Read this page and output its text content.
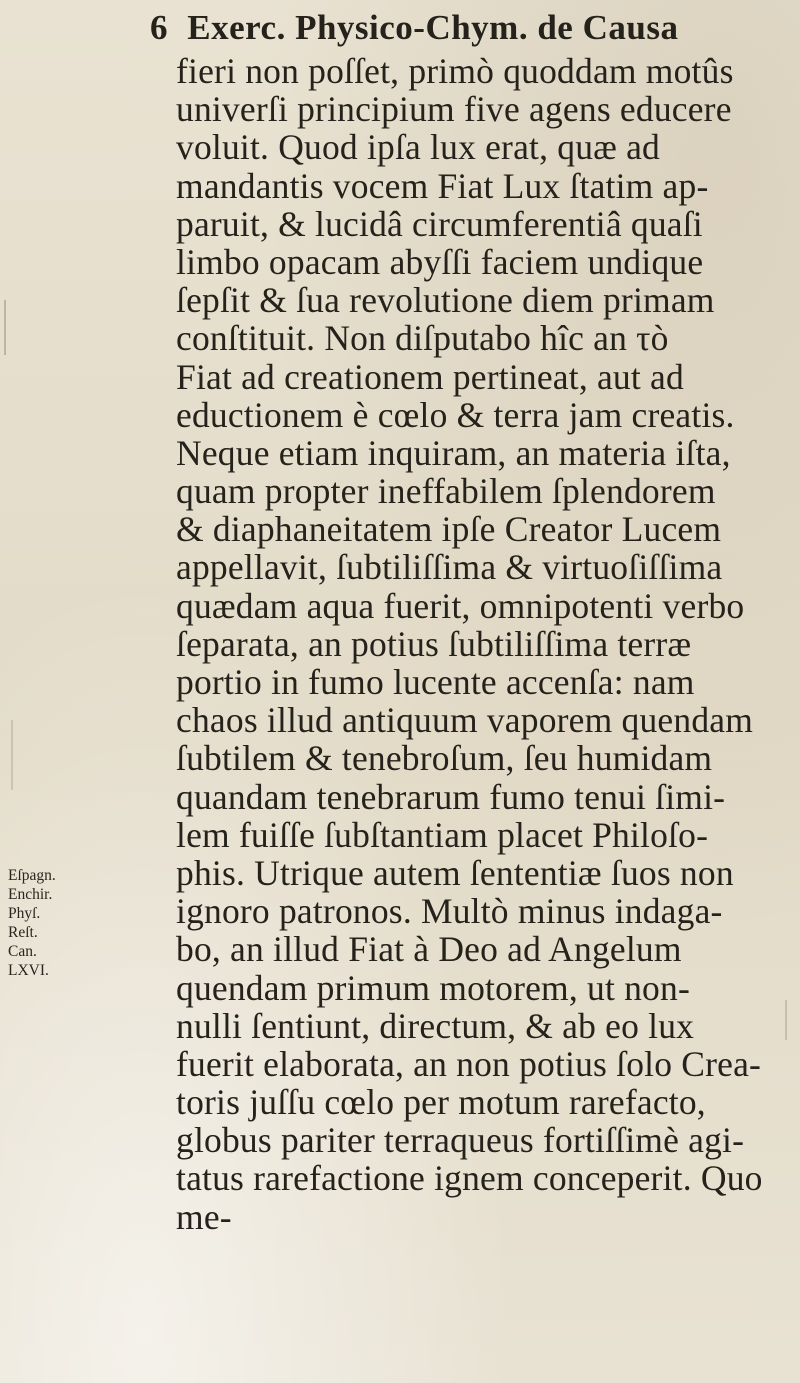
6 Exerc. Physico-Chym. de Causa
fieri non poſſet, primò quoddam motûs
univerſi principium five agens educere
voluit. Quod ipſa lux erat, quæ ad
mandantis vocem Fiat Lux ſtatim ap-
paruit, & lucidâ circumferentiâ quaſi
limbo opacam abyſſi faciem undique
ſepſit & ſua revolutione diem primam
conſtituit. Non diſputabo hîc an τò
Fiat ad creationem pertineat, aut ad
eductionem è cœlo & terra jam creatis.
Neque etiam inquiram, an materia iſta,
quam propter ineffabilem ſplendorem
& diaphaneitatem ipſe Creator Lucem
appellavit, ſubtiliſſima & virtuoſiſſima
quædam aqua fuerit, omnipotenti verbo
ſeparata, an potius ſubtiliſſima terræ
portio in fumo lucente accenſa: nam
chaos illud antiquum vaporem quendam
ſubtilem & tenebroſum, ſeu humidam
quandam tenebrarum fumo tenui ſimi-
lem fuiſſe ſubſtantiam placet Philoſo-
phis. Utrique autem ſententiæ ſuos non
ignoro patronos. Multò minus indaga-
bo, an illud Fiat à Deo ad Angelum
quendam primum motorem, ut non-
nulli ſentiunt, directum, & ab eo lux
fuerit elaborata, an non potius ſolo Crea-
toris juſſu cœlo per motum rarefacto,
globus pariter terraqueus fortiſſimè agi-
tatus rarefactione ignem conceperit. Quo
me-
Eſpagn.
Enchir.
Phyſ.
Reſt.
Can.
LXVI.
